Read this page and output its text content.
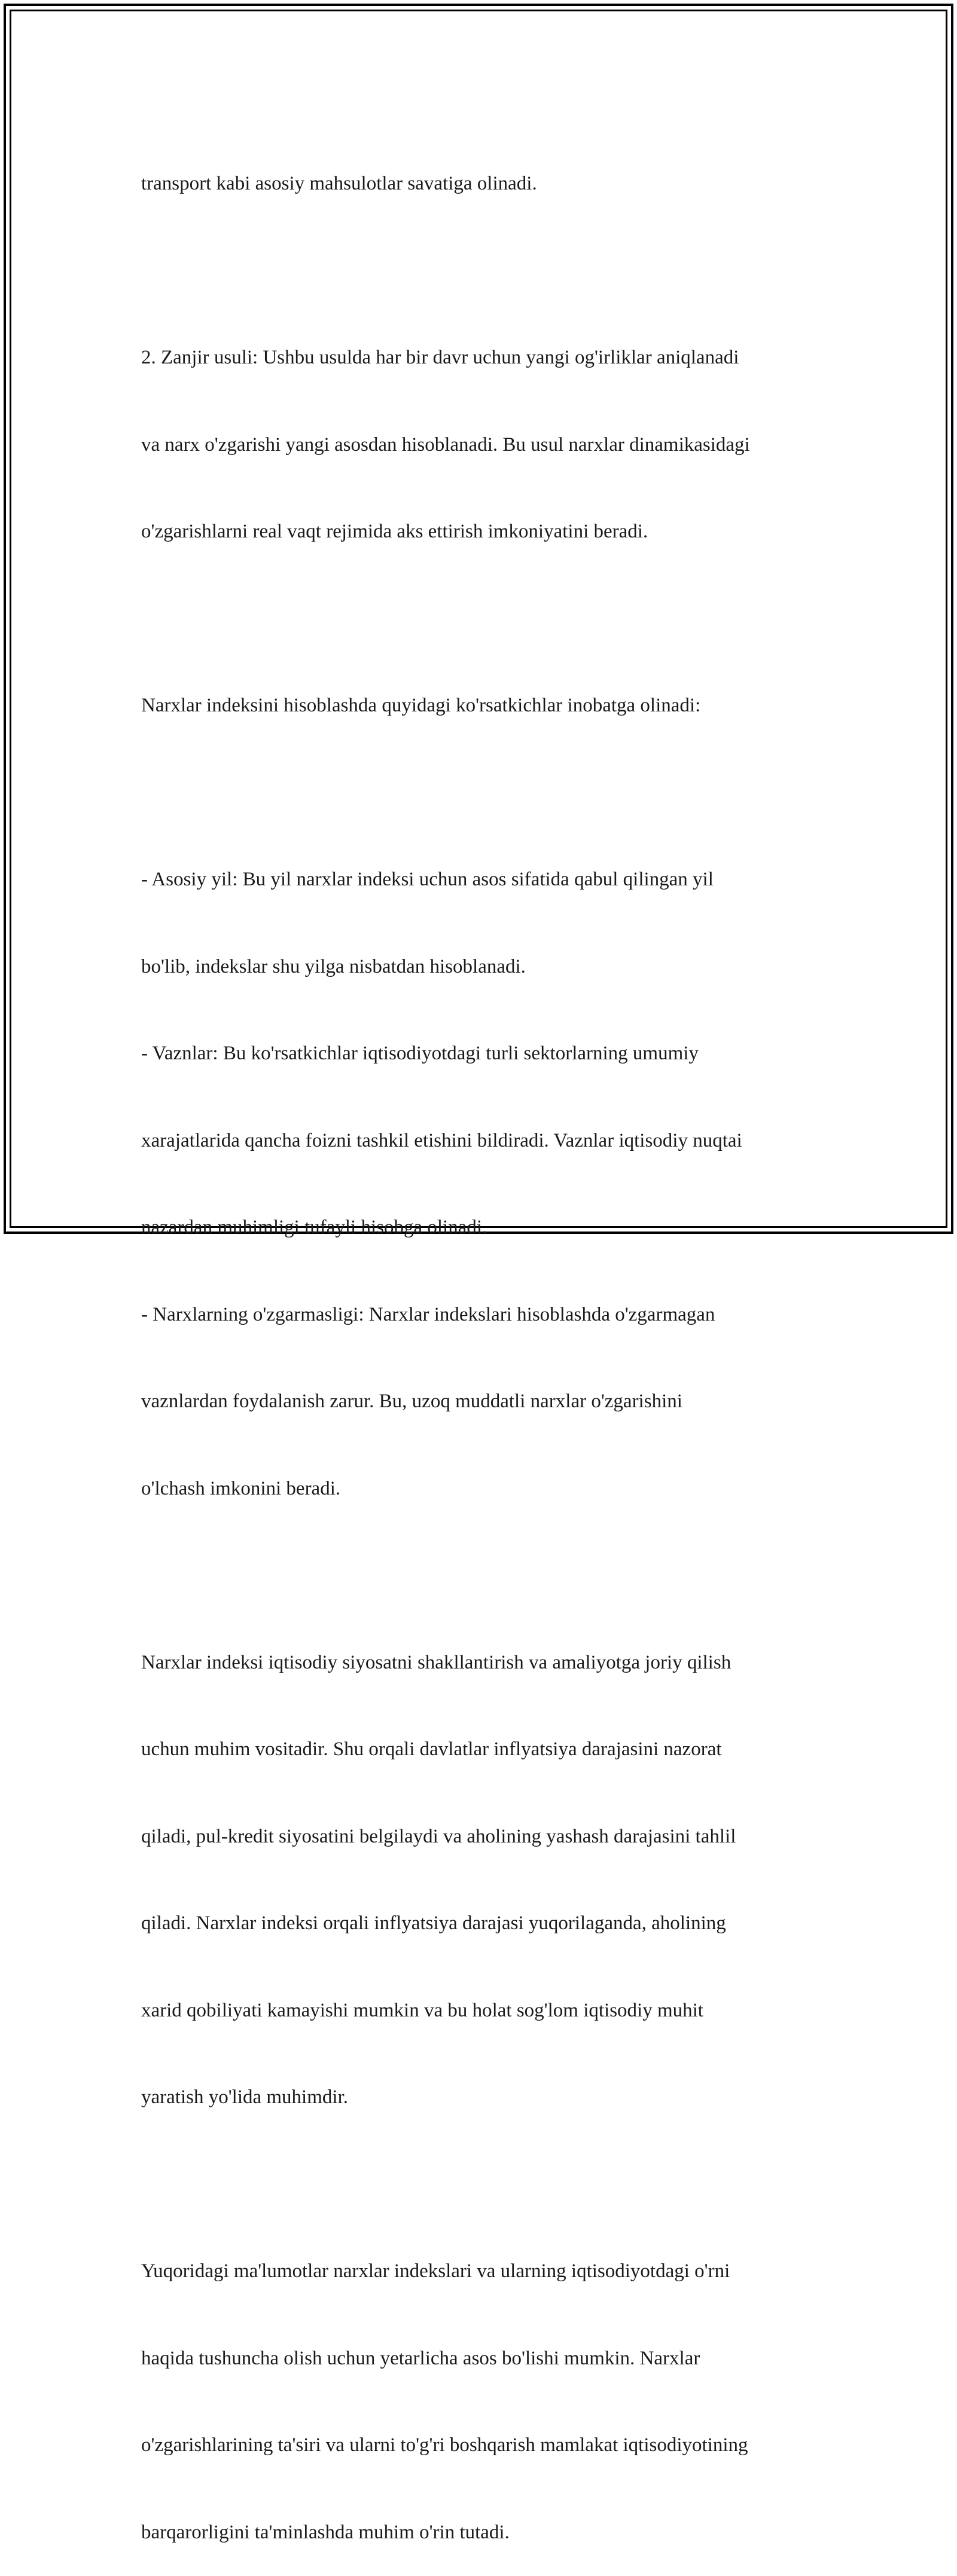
transport kabi asosiy mahsulotlar savatiga olinadi.

2. Zanjir usuli: Ushbu usulda har bir davr uchun yangi og'irliklar aniqlanadi

va narx o'zgarishi yangi asosdan hisoblanadi. Bu usul narxlar dinamikasidagi

o'zgarishlarni real vaqt rejimida aks ettirish imkoniyatini beradi.

Narxlar indeksini hisoblashda quyidagi ko'rsatkichlar inobatga olinadi:

- Asosiy yil: Bu yil narxlar indeksi uchun asos sifatida qabul qilingan yil

bo'lib, indekslar shu yilga nisbatdan hisoblanadi.

- Vaznlar: Bu ko'rsatkichlar iqtisodiyotdagi turli sektorlarning umumiy

xarajatlarida qancha foizni tashkil etishini bildiradi. Vaznlar iqtisodiy nuqtai

nazardan muhimligi tufayli hisobga olinadi.

- Narxlarning o'zgarmasligi: Narxlar indekslari hisoblashda o'zgarmagan

vaznlardan foydalanish zarur. Bu, uzoq muddatli narxlar o'zgarishini

o'lchash imkonini beradi.

Narxlar indeksi iqtisodiy siyosatni shakllantirish va amaliyotga joriy qilish

uchun muhim vositadir. Shu orqali davlatlar inflyatsiya darajasini nazorat

qiladi, pul-kredit siyosatini belgilaydi va aholining yashash darajasini tahlil

qiladi. Narxlar indeksi orqali inflyatsiya darajasi yuqorilaganda, aholining

xarid qobiliyati kamayishi mumkin va bu holat sog'lom iqtisodiy muhit

yaratish yo'lida muhimdir.

Yuqoridagi ma'lumotlar narxlar indekslari va ularning iqtisodiyotdagi o'rni

haqida tushuncha olish uchun yetarlicha asos bo'lishi mumkin. Narxlar

o'zgarishlarining ta'siri va ularni to'g'ri boshqarish mamlakat iqtisodiyotining

barqarorligini ta'minlashda muhim o'rin tutadi.
